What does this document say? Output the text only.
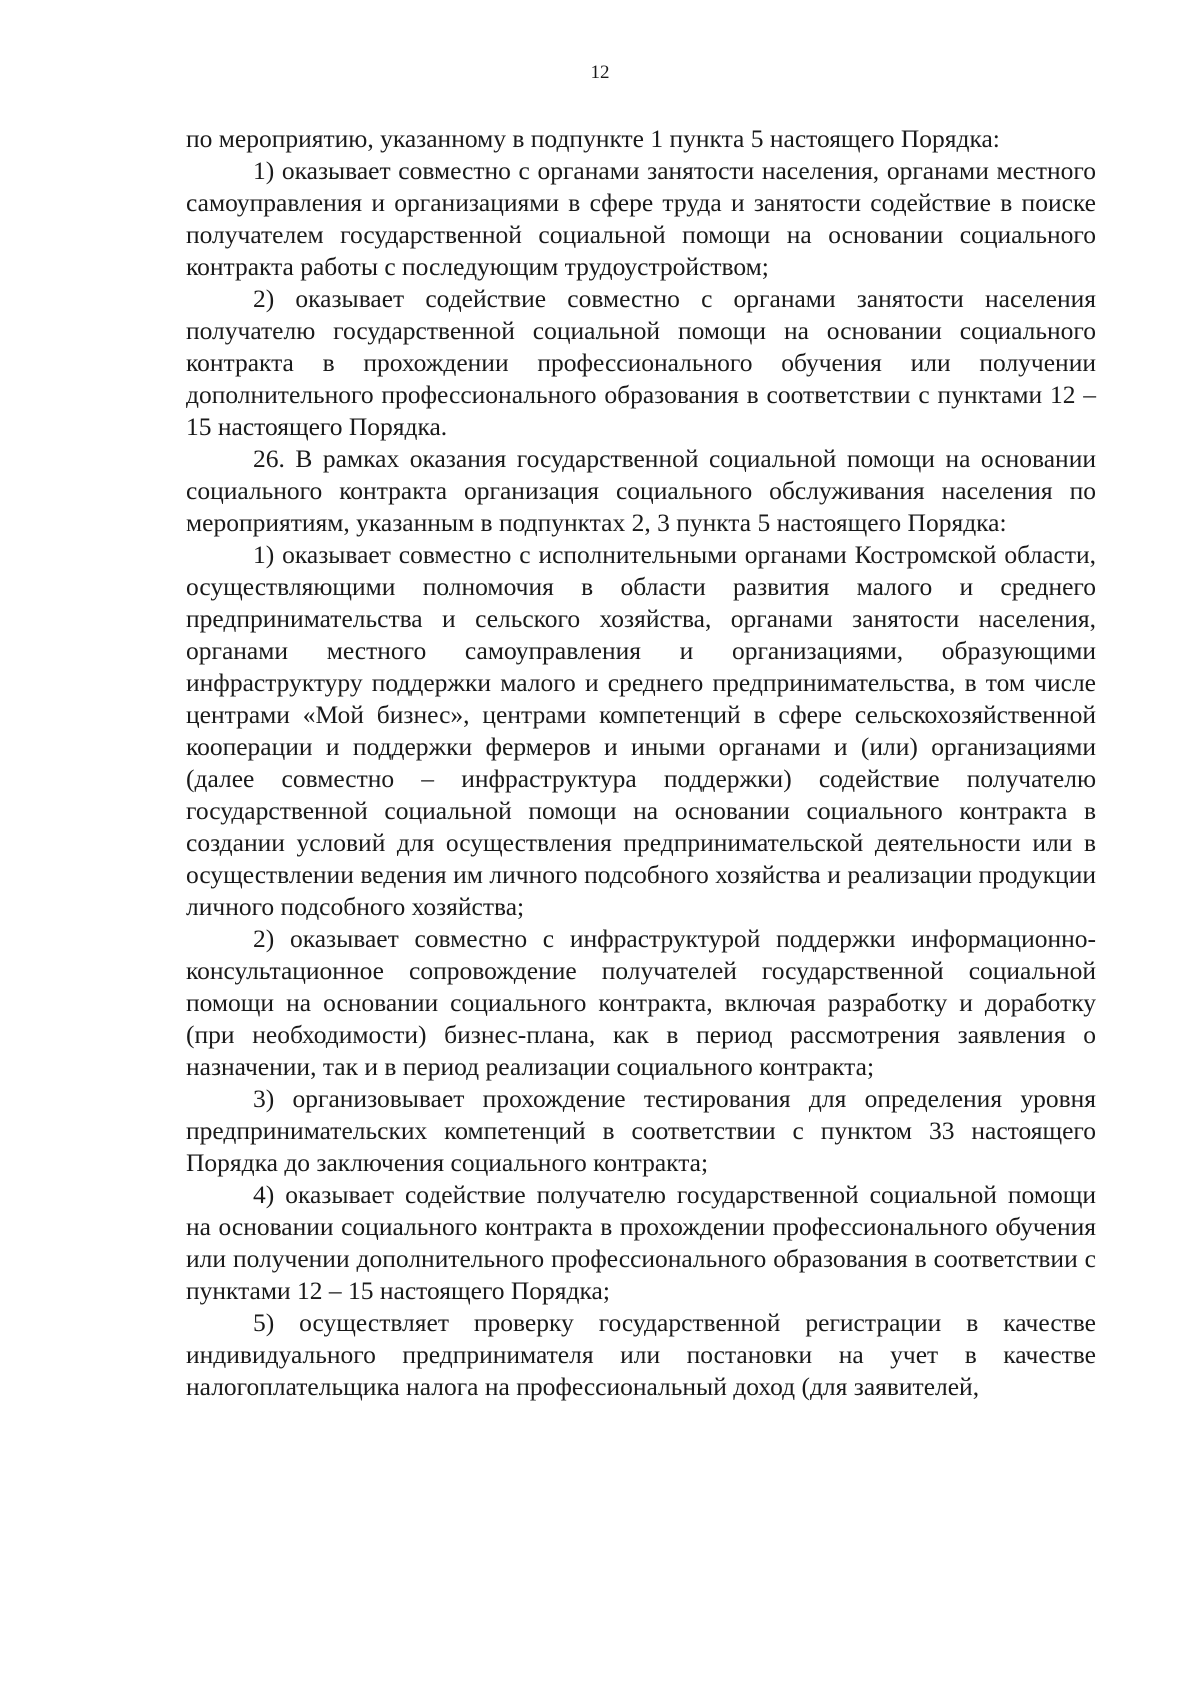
12

по мероприятию, указанному в подпункте 1 пункта 5 настоящего Порядка:

1) оказывает совместно с органами занятости населения, органами местного самоуправления и организациями в сфере труда и занятости содействие в поиске получателем государственной социальной помощи на основании социального контракта работы с последующим трудоустройством;

2) оказывает содействие совместно с органами занятости населения получателю государственной социальной помощи на основании социального контракта в прохождении профессионального обучения или получении дополнительного профессионального образования в соответствии с пунктами 12 – 15 настоящего Порядка.

26. В рамках оказания государственной социальной помощи на основании социального контракта организация социального обслуживания населения по мероприятиям, указанным в подпунктах 2, 3 пункта 5 настоящего Порядка:

1) оказывает совместно с исполнительными органами Костромской области, осуществляющими полномочия в области развития малого и среднего предпринимательства и сельского хозяйства, органами занятости населения, органами местного самоуправления и организациями, образующими инфраструктуру поддержки малого и среднего предпринимательства, в том числе центрами «Мой бизнес», центрами компетенций в сфере сельскохозяйственной кооперации и поддержки фермеров и иными органами и (или) организациями (далее совместно – инфраструктура поддержки) содействие получателю государственной социальной помощи на основании социального контракта в создании условий для осуществления предпринимательской деятельности или в осуществлении ведения им личного подсобного хозяйства и реализации продукции личного подсобного хозяйства;

2) оказывает совместно с инфраструктурой поддержки информационно-консультационное сопровождение получателей государственной социальной помощи на основании социального контракта, включая разработку и доработку (при необходимости) бизнес-плана, как в период рассмотрения заявления о назначении, так и в период реализации социального контракта;

3) организовывает прохождение тестирования для определения уровня предпринимательских компетенций в соответствии с пунктом 33 настоящего Порядка до заключения социального контракта;

4) оказывает содействие получателю государственной социальной помощи на основании социального контракта в прохождении профессионального обучения или получении дополнительного профессионального образования в соответствии с пунктами 12 – 15 настоящего Порядка;

5) осуществляет проверку государственной регистрации в качестве индивидуального предпринимателя или постановки на учет в качестве налогоплательщика налога на профессиональный доход (для заявителей,
